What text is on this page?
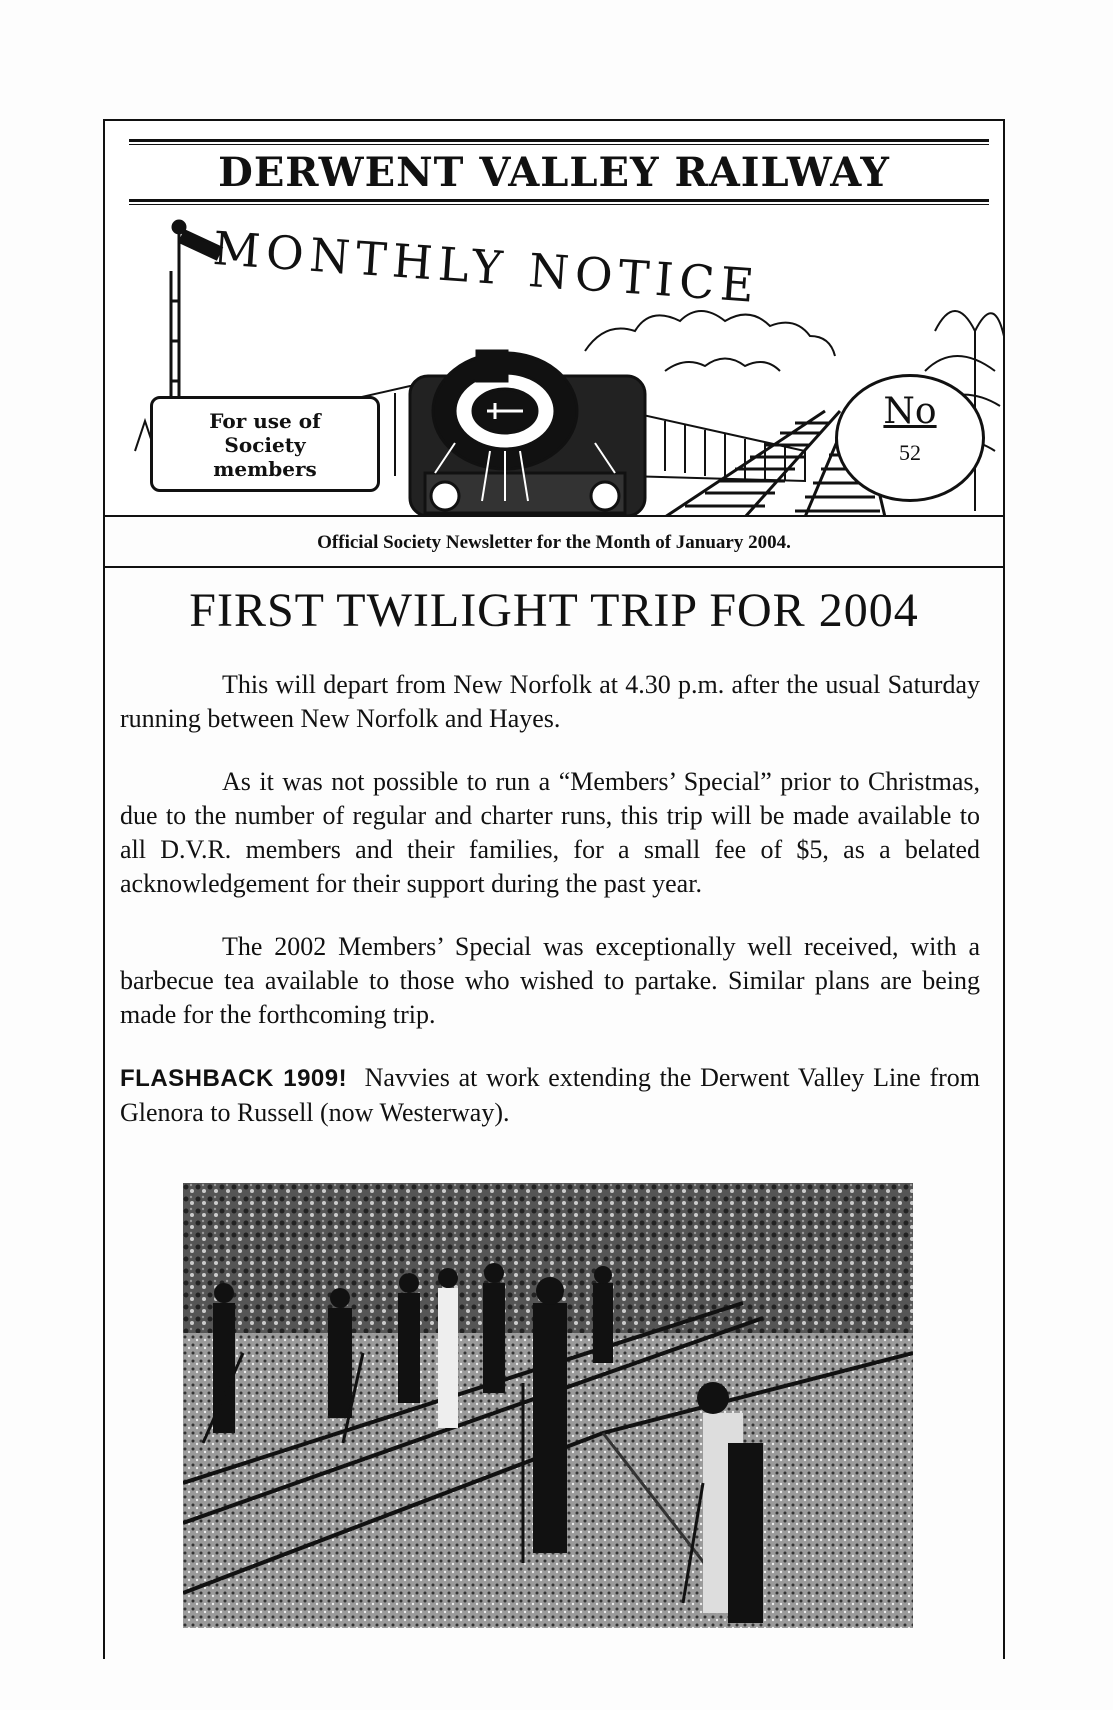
DERWENT VALLEY RAILWAY
MONTHLY NOTICE
For use of
Society
members
No
52
Official Society Newsletter for the Month of January 2004.
FIRST TWILIGHT TRIP FOR 2004

This will depart from New Norfolk at 4.30 p.m. after the usual Saturday running between New Norfolk and Hayes.

As it was not possible to run a “Members’ Special” prior to Christmas, due to the number of regular and charter runs, this trip will be made available to all D.V.R. members and their families, for a small fee of $5, as a belated acknowledgement for their support during the past year.

The 2002 Members’ Special was exceptionally well received, with a barbecue tea available to those who wished to partake. Similar plans are being made for the forthcoming trip.

FLASHBACK 1909! Navvies at work extending the Derwent Valley Line from Glenora to Russell (now Westerway).
